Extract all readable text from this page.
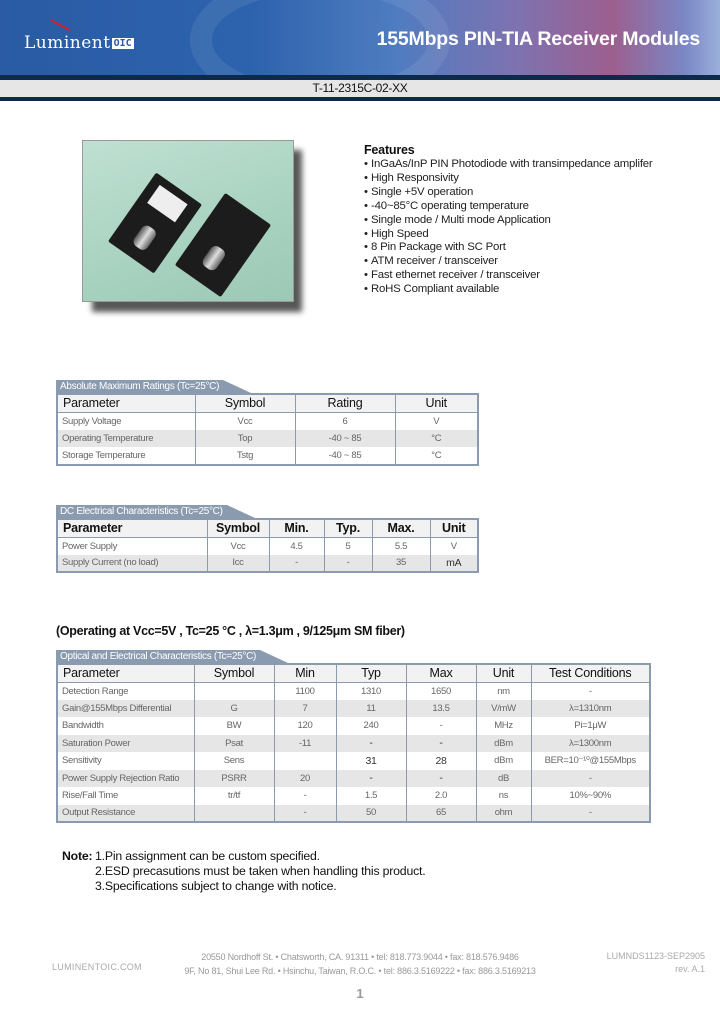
Luminent OIC	155Mbps PIN-TIA Receiver Modules
T-11-2315C-02-XX
Features
• InGaAs/InP PIN Photodiode with transimpedance amplifer
• High Responsivity
• Single +5V operation
• -40~85°C operating temperature
• Single mode / Multi mode Application
• High Speed
• 8 Pin Package with SC Port
• ATM receiver / transceiver
• Fast ethernet receiver / transceiver
• RoHS Compliant available
Absolute Maximum Ratings (Tc=25°C)
Parameter	Symbol	Rating	Unit
Supply Voltage	Vcc	6	V
Operating Temperature	Top	-40 ~ 85	°C
Storage Temperature	Tstg	-40 ~ 85	°C
DC Electrical Characteristics (Tc=25°C)
Parameter	Symbol	Min.	Typ.	Max.	Unit
Power Supply	Vcc	4.5	5	5.5	V
Supply Current (no load)	Icc	-	-	35	mA
(Operating at Vcc=5V , Tc=25 °C , λ=1.3μm , 9/125μm SM fiber)
Optical and Electrical Characteristics (Tc=25°C)
Parameter	Symbol	Min	Typ	Max	Unit	Test Conditions
Detection Range		1100	1310	1650	nm	-
Gain@155Mbps Differential	G	7	11	13.5	V/mW	λ=1310nm
Bandwidth	BW	120	240	-	MHz	Pi=1μW
Saturation Power	Psat	-11	-	-	dBm	λ=1300nm
Sensitivity	Sens		31	28	dBm	BER=10⁻¹⁰@155Mbps
Power Supply Rejection Ratio	PSRR	20	-	-	dB	-
Rise/Fall Time	tr/tf	-	1.5	2.0	ns	10%~90%
Output Resistance		-	50	65	ohm	-
Note: 1.Pin assignment can be custom specified.
2.ESD precasutions must be taken when handling this product.
3.Specifications subject to change with notice.
LUMINENTOIC.COM
20550 Nordhoff St. • Chatsworth, CA. 91311 • tel: 818.773.9044 • fax: 818.576.9486
9F, No 81, Shui Lee Rd. • Hsinchu, Taiwan, R.O.C. • tel: 886.3.5169222 • fax: 886.3.5169213
LUMNDS1123-SEP2905
rev. A.1
1
